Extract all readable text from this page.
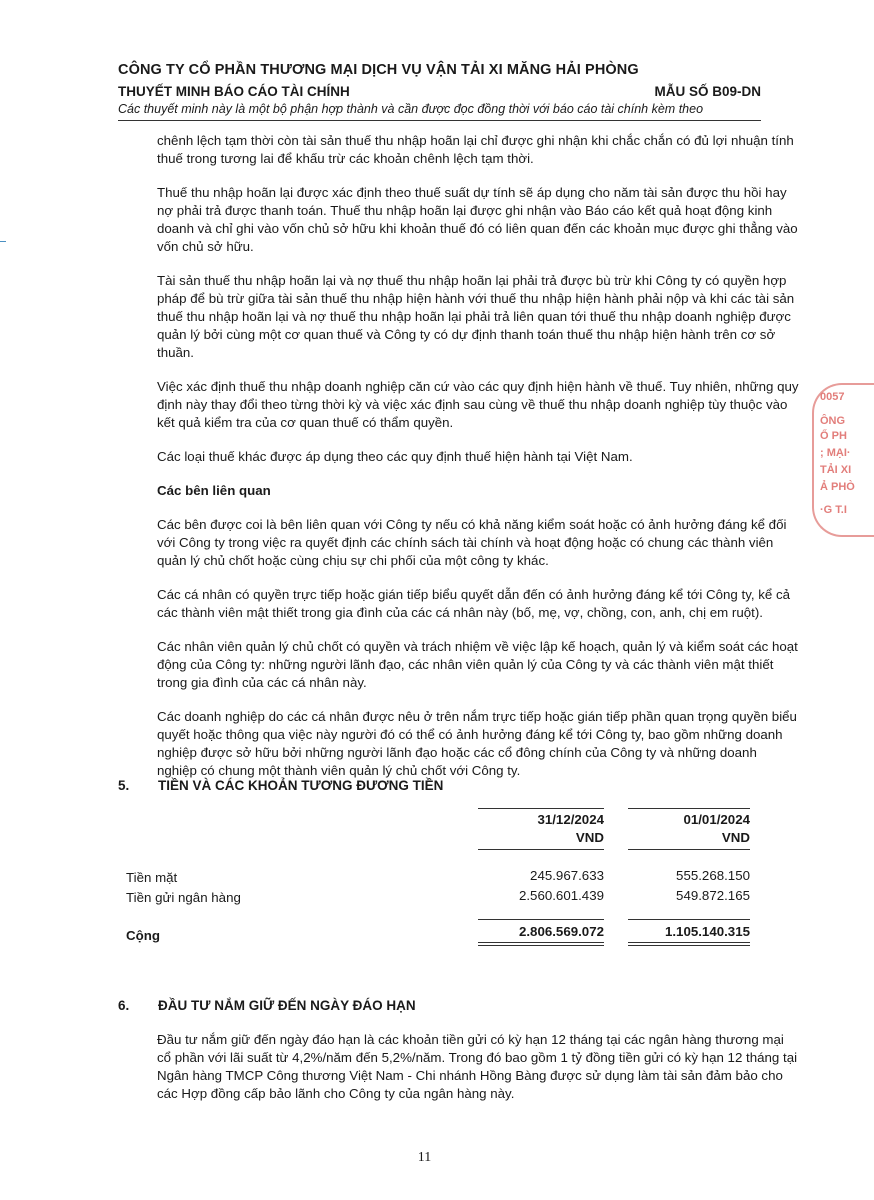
CÔNG TY CỔ PHẦN THƯƠNG MẠI DỊCH VỤ VẬN TẢI XI MĂNG HẢI PHÒNG
THUYẾT MINH BÁO CÁO TÀI CHÍNH	MẪU SỐ B09-DN
Các thuyết minh này là một bộ phận hợp thành và cần được đọc đồng thời với báo cáo tài chính kèm theo

chênh lệch tạm thời còn tài sản thuế thu nhập hoãn lại chỉ được ghi nhận khi chắc chắn có đủ lợi nhuận tính thuế trong tương lai để khấu trừ các khoản chênh lệch tạm thời.

Thuế thu nhập hoãn lại được xác định theo thuế suất dự tính sẽ áp dụng cho năm tài sản được thu hồi hay nợ phải trả được thanh toán. Thuế thu nhập hoãn lại được ghi nhận vào Báo cáo kết quả hoạt động kinh doanh và chỉ ghi vào vốn chủ sở hữu khi khoản thuế đó có liên quan đến các khoản mục được ghi thẳng vào vốn chủ sở hữu.

Tài sản thuế thu nhập hoãn lại và nợ thuế thu nhập hoãn lại phải trả được bù trừ khi Công ty có quyền hợp pháp để bù trừ giữa tài sản thuế thu nhập hiện hành với thuế thu nhập hiện hành phải nộp và khi các tài sản thuế thu nhập hoãn lại và nợ thuế thu nhập hoãn lại phải trả liên quan tới thuế thu nhập doanh nghiệp được quản lý bởi cùng một cơ quan thuế và Công ty có dự định thanh toán thuế thu nhập hiện hành trên cơ sở thuần.

Việc xác định thuế thu nhập doanh nghiệp căn cứ vào các quy định hiện hành về thuế. Tuy nhiên, những quy định này thay đổi theo từng thời kỳ và việc xác định sau cùng về thuế thu nhập doanh nghiệp tùy thuộc vào kết quả kiểm tra của cơ quan thuế có thẩm quyền.

Các loại thuế khác được áp dụng theo các quy định thuế hiện hành tại Việt Nam.

Các bên liên quan

Các bên được coi là bên liên quan với Công ty nếu có khả năng kiểm soát hoặc có ảnh hưởng đáng kể đối với Công ty trong việc ra quyết định các chính sách tài chính và hoạt động hoặc có chung các thành viên quản lý chủ chốt hoặc cùng chịu sự chi phối của một công ty khác.

Các cá nhân có quyền trực tiếp hoặc gián tiếp biểu quyết dẫn đến có ảnh hưởng đáng kể tới Công ty, kể cả các thành viên mật thiết trong gia đình của các cá nhân này (bố, mẹ, vợ, chồng, con, anh, chị em ruột).

Các nhân viên quản lý chủ chốt có quyền và trách nhiệm về việc lập kế hoạch, quản lý và kiểm soát các hoạt động của Công ty: những người lãnh đạo, các nhân viên quản lý của Công ty và các thành viên mật thiết trong gia đình của các cá nhân này.

Các doanh nghiệp do các cá nhân được nêu ở trên nắm trực tiếp hoặc gián tiếp phần quan trọng quyền biểu quyết hoặc thông qua việc này người đó có thể có ảnh hưởng đáng kể tới Công ty, bao gồm những doanh nghiệp được sở hữu bởi những người lãnh đạo hoặc các cổ đông chính của Công ty và những doanh nghiệp có chung một thành viên quản lý chủ chốt với Công ty.

5. TIỀN VÀ CÁC KHOẢN TƯƠNG ĐƯƠNG TIỀN
31/12/2024	01/01/2024
VND	VND
Tiền mặt	245.967.633	555.268.150
Tiền gửi ngân hàng	2.560.601.439	549.872.165
Cộng	2.806.569.072	1.105.140.315
6. ĐẦU TƯ NẮM GIỮ ĐẾN NGÀY ĐÁO HẠN
Đầu tư nắm giữ đến ngày đáo hạn là các khoản tiền gửi có kỳ hạn 12 tháng tại các ngân hàng thương mại cổ phần với lãi suất từ 4,2%/năm đến 5,2%/năm. Trong đó bao gồm 1 tỷ đồng tiền gửi có kỳ hạn 12 tháng tại Ngân hàng TMCP Công thương Việt Nam - Chi nhánh Hồng Bàng được sử dụng làm tài sản đảm bảo cho các Hợp đồng cấp bảo lãnh cho Công ty của ngân hàng này.
11
0057
ÔNG
Ổ PH
; MẠI·
TẢI XI
Ả PHÒ
·G T.I
